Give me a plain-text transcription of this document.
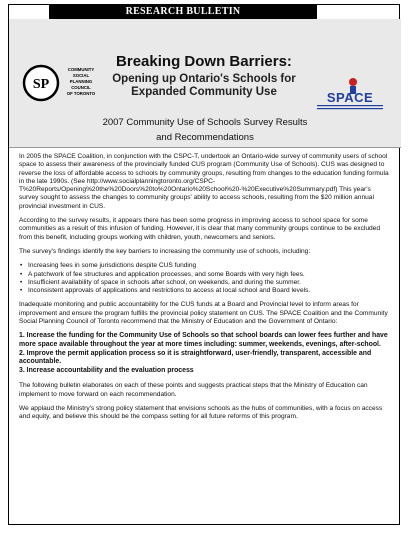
RESEARCH BULLETIN
SP
COMMUNITY
SOCIAL
PLANNING
COUNCIL
OF TORONTO
Breaking Down Barriers:
Opening up Ontario's Schools for
Expanded Community Use	SPACE
2007 Community Use of Schools Survey Results
and Recommendations

In 2005 the SPACE Coalition, in conjunction with the CSPC-T, undertook an Ontario-wide survey of community users of school space to assess their awareness of the provincially funded CUS program (Community Use of Schools). CUS was designed to reverse the loss of affordable access to schools by community groups, resulting from changes to the education funding formula in the late 1990s. (See http://www.socialplanningtoronto.org/CSPC-T%20Reports/Opening%20the%20Doors%20to%20Ontario%20School%20-%20Executive%20Summary.pdf) This year's survey sought to assess the changes to community groups' ability to access schools, resulting from the $20 million annual provincial investment in CUS.

According to the survey results, it appears there has been some progress in improving access to school space for some communities as a result of this infusion of funding. However, it is clear that many community groups continue to be excluded from this benefit, including groups working with children, youth, newcomers and seniors.

The survey's findings identify the key barriers to increasing the community use of schools, including:

• Increasing fees in some jurisdictions despite CUS funding
• A patchwork of fee structures and application processes, and some Boards with very high fees.
• Insufficient availability of space in schools after school, on weekends, and during the summer.
• Inconsistent approvals of applications and restrictions to access at local school and Board levels.

Inadequate monitoring and public accountability for the CUS funds at a Board and Provincial level to inform areas for improvement and ensure the program fulfills the provincial policy statement on CUS. The SPACE Coalition and the Community Social Planning Council of Toronto recommend that the Ministry of Education and the Government of Ontario:

1. Increase the funding for the Community Use of Schools so that school boards can lower fees further and have more space available throughout the year at more times including: summer, weekends, evenings, after-school.

2. Improve the permit application process so it is straightforward, user-friendly, transparent, accessible and accountable.

3. Increase accountability and the evaluation process

The following bulletin elaborates on each of these points and suggests practical steps that the Ministry of Education can implement to move forward on each recommendation.

We applaud the Ministry's strong policy statement that envisions schools as the hubs of communities, with a focus on access and equity, and believe this should be the compass setting for all future reforms of this program.
